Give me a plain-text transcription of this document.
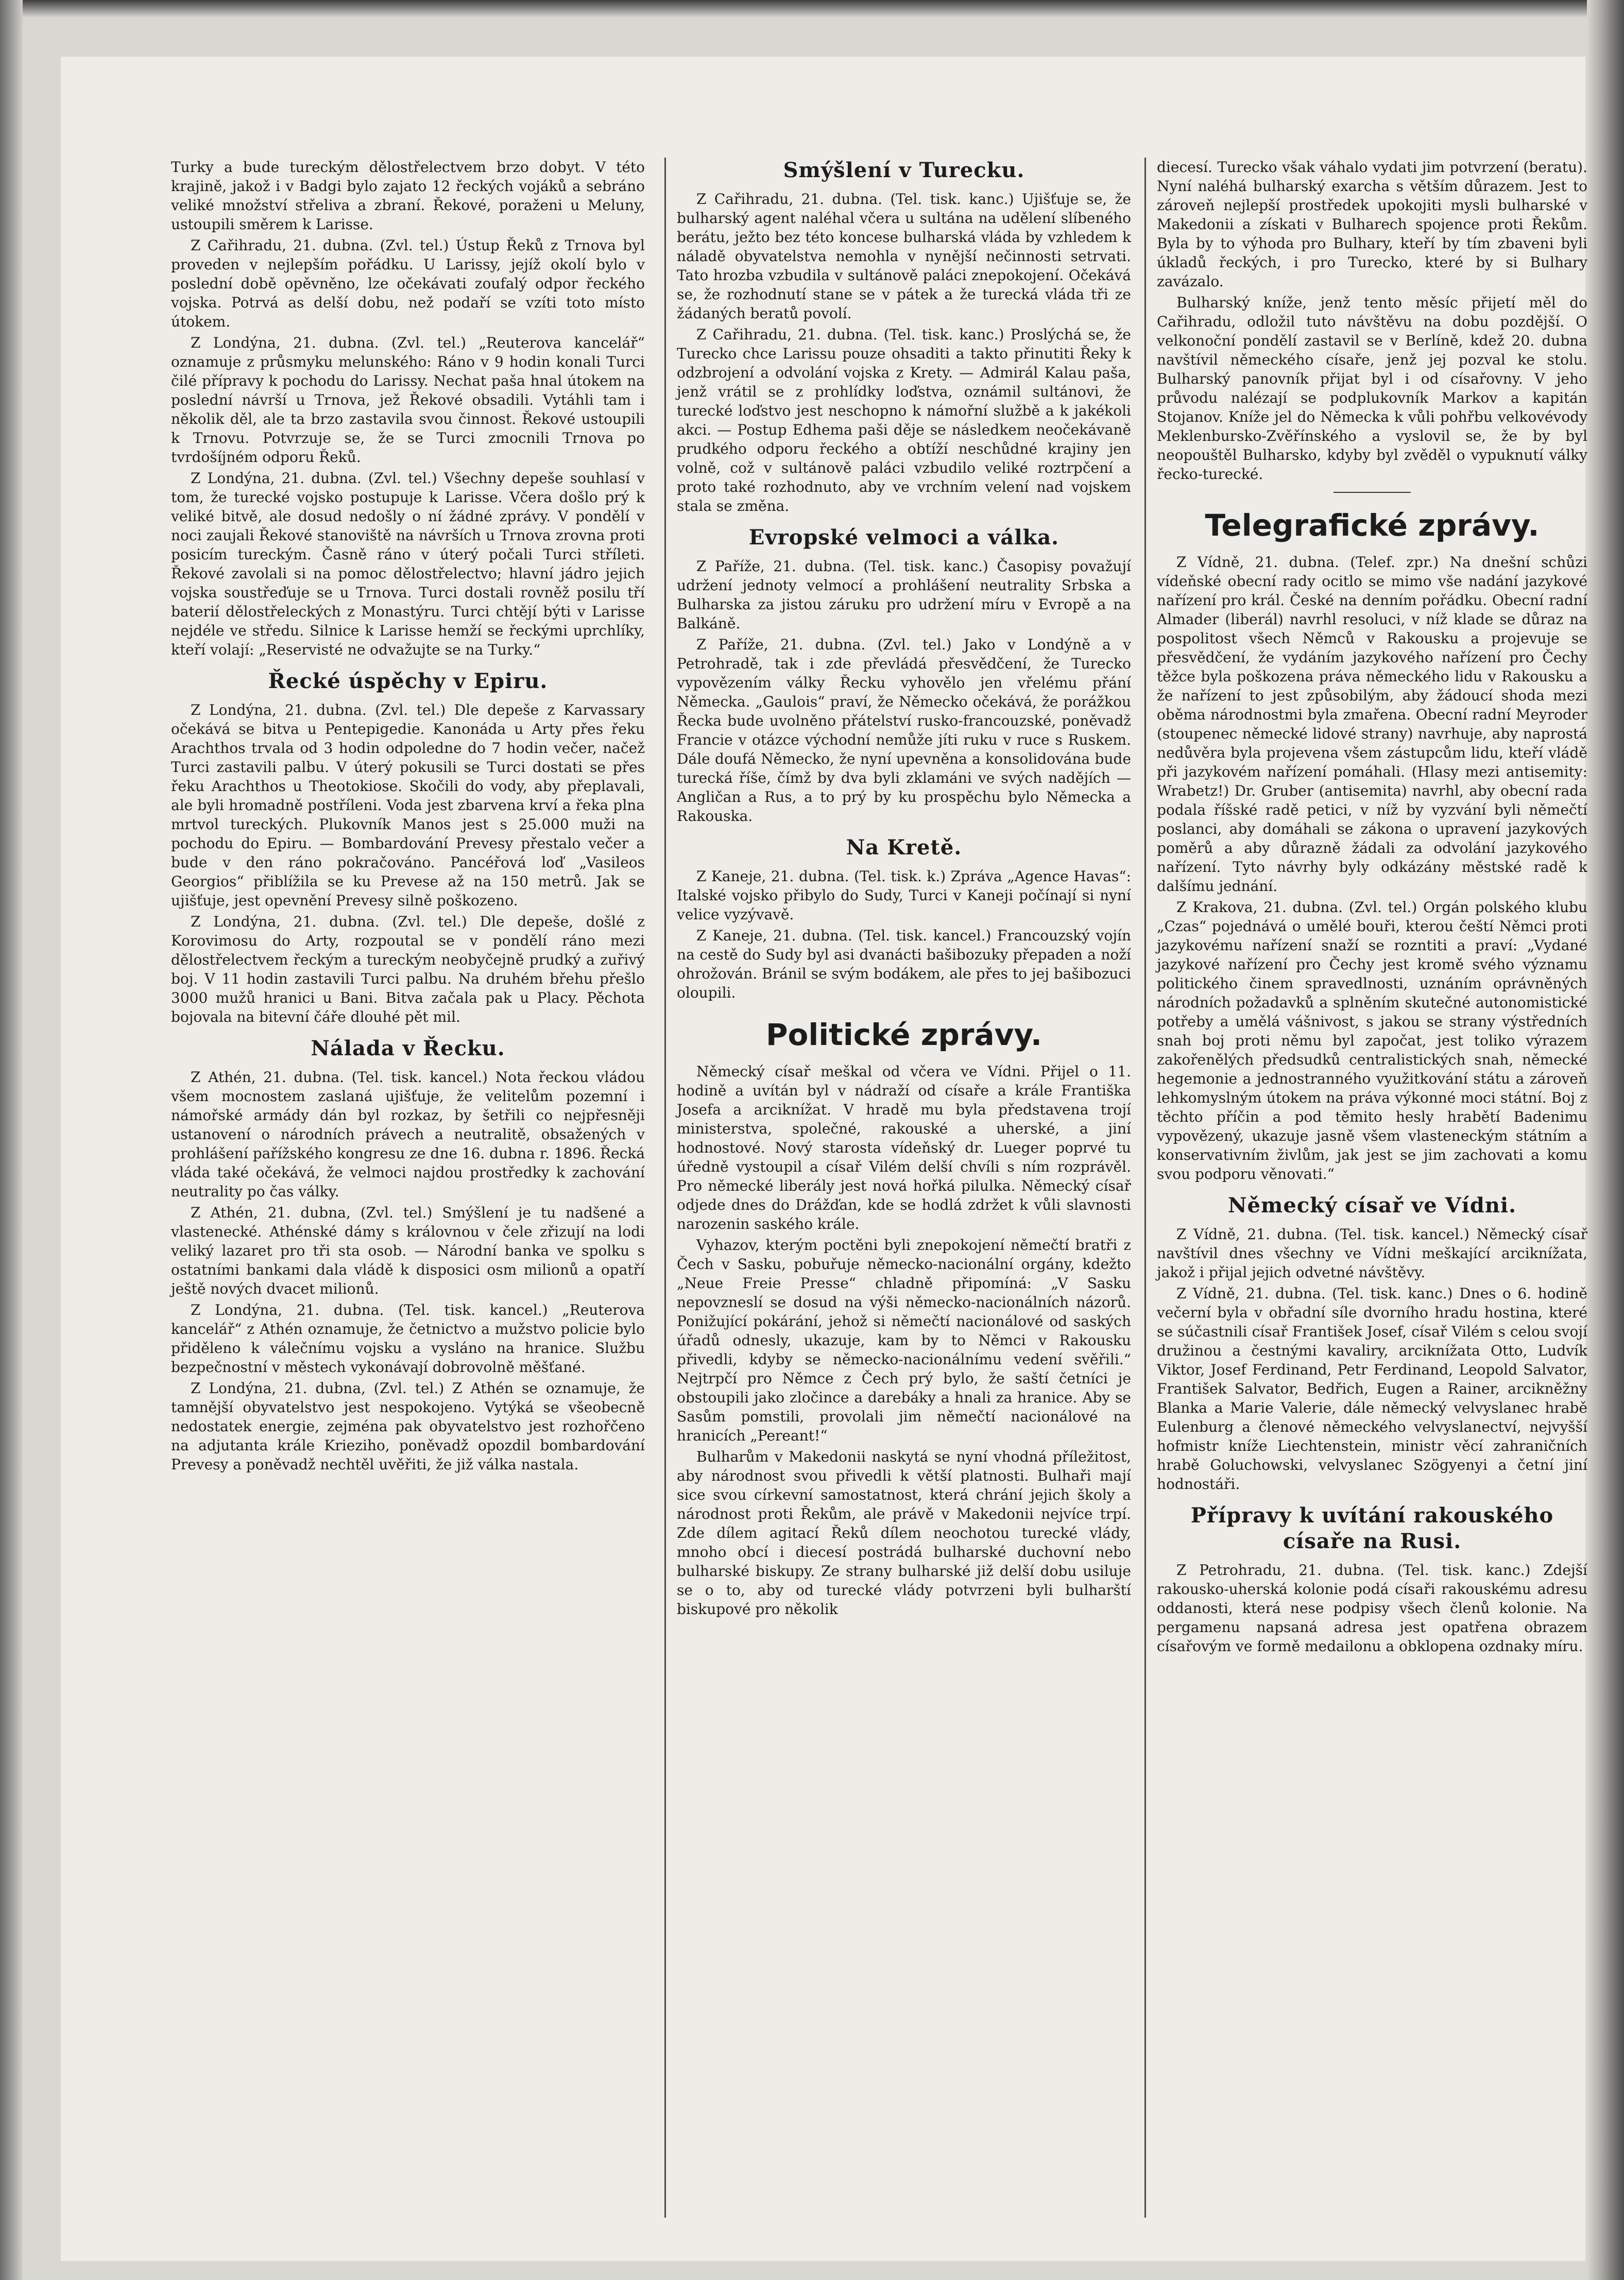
Turky a bude tureckým dělostřelectvem brzo dobyt. V této krajině, jakož i v Badgi bylo zajato 12 řeckých vojáků a sebráno veliké množství střeliva a zbraní. Řekové, poraženi u Meluny, ustoupili směrem k Larisse.

Z Cařihradu, 21. dubna. (Zvl. tel.) Ústup Řeků z Trnova byl proveden v nejlepším pořádku. U Larissy, jejíž okolí bylo v poslední době opěvněno, lze očekávati zoufalý odpor řeckého vojska. Potrvá as delší dobu, než podaří se vzíti toto místo útokem.

Z Londýna, 21. dubna. (Zvl. tel.) „Reuterova kancelář“ oznamuje z průsmyku melunského: Ráno v 9 hodin konali Turci čilé přípravy k pochodu do Larissy. Nechat paša hnal útokem na poslední návrší u Trnova, jež Řekové obsadili. Vytáhli tam i několik děl, ale ta brzo zastavila svou činnost. Řekové ustoupili k Trnovu. Potvrzuje se, že se Turci zmocnili Trnova po tvrdošíjném odporu Řeků.

Z Londýna, 21. dubna. (Zvl. tel.) Všechny depeše souhlasí v tom, že turecké vojsko postupuje k Larisse. Včera došlo prý k veliké bitvě, ale dosud nedošly o ní žádné zprávy. V pondělí v noci zaujali Řekové stanoviště na návrších u Trnova zrovna proti posicím tureckým. Časně ráno v úterý počali Turci stříleti. Řekové zavolali si na pomoc dělostřelectvo; hlavní jádro jejich vojska soustřeďuje se u Trnova. Turci dostali rovněž posilu tří baterií dělostřeleckých z Monastýru. Turci chtějí býti v Larisse nejdéle ve středu. Silnice k Larisse hemží se řeckými uprchlíky, kteří volají: „Reservisté ne odvažujte se na Turky.“

Řecké úspěchy v Epiru.

Z Londýna, 21. dubna. (Zvl. tel.) Dle depeše z Karvassary očekává se bitva u Pentepigedie. Kanonáda u Arty přes řeku Arachthos trvala od 3 hodin odpoledne do 7 hodin večer, načež Turci zastavili palbu. V úterý pokusili se Turci dostati se přes řeku Arachthos u Theotokiose. Skočili do vody, aby přeplavali, ale byli hromadně postříleni. Voda jest zbarvena krví a řeka plna mrtvol tureckých. Plukovník Manos jest s 25.000 muži na pochodu do Epiru. — Bombardování Prevesy přestalo večer a bude v den ráno pokračováno. Pancéřová loď „Vasileos Georgios“ přiblížila se ku Prevese až na 150 metrů. Jak se ujišťuje, jest opevnění Prevesy silně poškozeno.

Z Londýna, 21. dubna. (Zvl. tel.) Dle depeše, došlé z Korovimosu do Arty, rozpoutal se v pondělí ráno mezi dělostřelectvem řeckým a tureckým neobyčejně prudký a zuřivý boj. V 11 hodin zastavili Turci palbu. Na druhém břehu přešlo 3000 mužů hranici u Bani. Bitva začala pak u Placy. Pěchota bojovala na bitevní čáře dlouhé pět mil.

Nálada v Řecku.

Z Athén, 21. dubna. (Tel. tisk. kancel.) Nota řeckou vládou všem mocnostem zaslaná ujišťuje, že velitelům pozemní i námořské armády dán byl rozkaz, by šetřili co nejpřesněji ustanovení o národních právech a neutralitě, obsažených v prohlášení pařížského kongresu ze dne 16. dubna r. 1896. Řecká vláda také očekává, že velmoci najdou prostředky k zachování neutrality po čas války.

Z Athén, 21. dubna, (Zvl. tel.) Smýšlení je tu nadšené a vlastenecké. Athénské dámy s královnou v čele zřizují na lodi veliký lazaret pro tři sta osob. — Národní banka ve spolku s ostatními bankami dala vládě k disposici osm milionů a opatří ještě nových dvacet milionů.

Z Londýna, 21. dubna. (Tel. tisk. kancel.) „Reuterova kancelář“ z Athén oznamuje, že četnictvo a mužstvo policie bylo přiděleno k válečnímu vojsku a vysláno na hranice. Službu bezpečnostní v městech vykonávají dobrovolně měšťané.

Z Londýna, 21. dubna, (Zvl. tel.) Z Athén se oznamuje, že tamnější obyvatelstvo jest nespokojeno. Vytýká se všeobecně nedostatek energie, zejména pak obyvatelstvo jest rozhořčeno na adjutanta krále Krieziho, poněvadž opozdil bombardování Prevesy a poněvadž nechtěl uvěřiti, že již válka nastala.

Smýšlení v Turecku.

Z Cařihradu, 21. dubna. (Tel. tisk. kanc.) Ujišťuje se, že bulharský agent naléhal včera u sultána na udělení slíbeného berátu, ježto bez této koncese bulharská vláda by vzhledem k náladě obyvatelstva nemohla v nynější nečinnosti setrvati. Tato hrozba vzbudila v sultánově paláci znepokojení. Očekává se, že rozhodnutí stane se v pátek a že turecká vláda tři ze žádaných beratů povolí.

Z Cařihradu, 21. dubna. (Tel. tisk. kanc.) Proslýchá se, že Turecko chce Larissu pouze ohsaditi a takto přinutiti Řeky k odzbrojení a odvolání vojska z Krety. — Admirál Kalau paša, jenž vrátil se z prohlídky loďstva, oznámil sultánovi, že turecké loďstvo jest neschopno k námořní službě a k jakékoli akci. — Postup Edhema paši děje se následkem neočekávaně prudkého odporu řeckého a obtíží neschůdné krajiny jen volně, což v sultánově paláci vzbudilo veliké roztrpčení a proto také rozhodnuto, aby ve vrchním velení nad vojskem stala se změna.

Evropské velmoci a válka.

Z Paříže, 21. dubna. (Tel. tisk. kanc.) Časopisy považují udržení jednoty velmocí a prohlášení neutrality Srbska a Bulharska za jistou záruku pro udržení míru v Evropě a na Balkáně.

Z Paříže, 21. dubna. (Zvl. tel.) Jako v Londýně a v Petrohradě, tak i zde převládá přesvědčení, že Turecko vypovězením války Řecku vyhovělo jen vřelému přání Německa. „Gaulois“ praví, že Německo očekává, že porážkou Řecka bude uvolněno přátelství rusko-francouzské, poněvadž Francie v otázce východní nemůže jíti ruku v ruce s Ruskem. Dále doufá Německo, že nyní upevněna a konsolidována bude turecká říše, čímž by dva byli zklamáni ve svých nadějích — Angličan a Rus, a to prý by ku prospěchu bylo Německa a Rakouska.

Na Kretě.

Z Kaneje, 21. dubna. (Tel. tisk. k.) Zpráva „Agence Havas“: Italské vojsko přibylo do Sudy, Turci v Kaneji počínají si nyní velice vyzývavě.

Z Kaneje, 21. dubna. (Tel. tisk. kancel.) Francouzský vojín na cestě do Sudy byl asi dvanácti bašibozuky přepaden a noží ohrožován. Bránil se svým bodákem, ale přes to jej bašibozuci oloupili.

Politické zprávy.

Německý císař meškal od včera ve Vídni. Přijel o 11. hodině a uvítán byl v nádraží od císaře a krále Františka Josefa a arciknížat. V hradě mu byla představena trojí ministerstva, společné, rakouské a uherské, a jiní hodnostové. Nový starosta vídeňský dr. Lueger poprvé tu úředně vystoupil a císař Vilém delší chvíli s ním rozprávěl. Pro německé liberály jest nová hořká pilulka. Německý císař odjede dnes do Drážďan, kde se hodlá zdržet k vůli slavnosti narozenin saského krále.

Vyhazov, kterým poctěni byli znepokojení němečtí bratři z Čech v Sasku, pobuřuje německo-nacionální orgány, kdežto „Neue Freie Presse“ chladně připomíná: „V Sasku nepovzneslí se dosud na výši německo-nacionálních názorů. Ponižující pokárání, jehož si němečtí nacionálové od saských úřadů odnesly, ukazuje, kam by to Němci v Rakousku přivedli, kdyby se německo-nacionálnímu vedení svěřili.“ Nejtrpčí pro Němce z Čech prý bylo, že saští četníci je obstoupili jako zločince a darebáky a hnali za hranice. Aby se Sasům pomstili, provolali jim němečtí nacionálové na hranicích „Pereant!“

Bulharům v Makedonii naskytá se nyní vhodná příležitost, aby národnost svou přivedli k větší platnosti. Bulhaři mají sice svou církevní samostatnost, která chrání jejich školy a národnost proti Řekům, ale právě v Makedonii nejvíce trpí. Zde dílem agitací Řeků dílem neochotou turecké vlády, mnoho obcí i diecesí postrádá bulharské duchovní nebo bulharské biskupy. Ze strany bulharské již delší dobu usiluje se o to, aby od turecké vlády potvrzeni byli bulharští biskupové pro několik

diecesí. Turecko však váhalo vydati jim potvrzení (beratu). Nyní naléhá bulharský exarcha s větším důrazem. Jest to zároveň nejlepší prostředek upokojiti mysli bulharské v Makedonii a získati v Bulharech spojence proti Řekům. Byla by to výhoda pro Bulhary, kteří by tím zbaveni byli úkladů řeckých, i pro Turecko, které by si Bulhary zavázalo.

Bulharský kníže, jenž tento měsíc přijetí měl do Cařihradu, odložil tuto návštěvu na dobu pozdější. O velkonoční pondělí zastavil se v Berlíně, kdež 20. dubna navštívil německého císaře, jenž jej pozval ke stolu. Bulharský panovník přijat byl i od císařovny. V jeho průvodu nalézají se podplukovník Markov a kapitán Stojanov. Kníže jel do Německa k vůli pohřbu velkovévody Meklenbursko-Zvěřínského a vyslovil se, že by byl neopouštěl Bulharsko, kdyby byl zvěděl o vypuknutí války řecko-turecké.

Telegrafické zprávy.

Z Vídně, 21. dubna. (Telef. zpr.) Na dnešní schůzi vídeňské obecní rady ocitlo se mimo vše nadání jazykové nařízení pro král. České na denním pořádku. Obecní radní Almader (liberál) navrhl resoluci, v níž klade se důraz na pospolitost všech Němců v Rakousku a projevuje se přesvědčení, že vydáním jazykového nařízení pro Čechy těžce byla poškozena práva německého lidu v Rakousku a že nařízení to jest způsobilým, aby žádoucí shoda mezi oběma národnostmi byla zmařena. Obecní radní Meyroder (stoupenec německé lidové strany) navrhuje, aby naprostá nedůvěra byla projevena všem zástupcům lidu, kteří vládě při jazykovém nařízení pomáhali. (Hlasy mezi antisemity: Wrabetz!) Dr. Gruber (antisemita) navrhl, aby obecní rada podala říšské radě petici, v níž by vyzvání byli němečtí poslanci, aby domáhali se zákona o upravení jazykových poměrů a aby důrazně žádali za odvolání jazykového nařízení. Tyto návrhy byly odkázány městské radě k dalšímu jednání.

Z Krakova, 21. dubna. (Zvl. tel.) Orgán polského klubu „Czas“ pojednává o umělé bouři, kterou čeští Němci proti jazykovému nařízení snaží se rozntiti a praví: „Vydané jazykové nařízení pro Čechy jest kromě svého významu politického činem spravedlnosti, uznáním oprávněných národních požadavků a splněním skutečné autonomistické potřeby a umělá vášnivost, s jakou se strany výstředních snah boj proti němu byl započat, jest toliko výrazem zakořenělých předsudků centralistických snah, německé hegemonie a jednostranného využitkování státu a zároveň lehkomyslným útokem na práva výkonné moci státní. Boj z těchto příčin a pod těmito hesly hrabětí Badenimu vypovězený, ukazuje jasně všem vlasteneckým státním a konservativním živlům, jak jest se jim zachovati a komu svou podporu věnovati.“

Německý císař ve Vídni.

Z Vídně, 21. dubna. (Tel. tisk. kancel.) Německý císař navštívil dnes všechny ve Vídni meškající arciknížata, jakož i přijal jejich odvetné návštěvy.

Z Vídně, 21. dubna. (Tel. tisk. kanc.) Dnes o 6. hodině večerní byla v obřadní síle dvorního hradu hostina, které se súčastnili císař František Josef, císař Vilém s celou svojí družinou a čestnými kavaliry, arciknížata Otto, Ludvík Viktor, Josef Ferdinand, Petr Ferdinand, Leopold Salvator, František Salvator, Bedřich, Eugen a Rainer, arcikněžny Blanka a Marie Valerie, dále německý velvyslanec hrabě Eulenburg a členové německého velvyslanectví, nejvyšší hofmistr kníže Liechtenstein, ministr věcí zahraničních hrabě Goluchowski, velvyslanec Szögyenyi a četní jiní hodnostáři.

Přípravy k uvítání rakouského císaře na Rusi.

Z Petrohradu, 21. dubna. (Tel. tisk. kanc.) Zdejší rakousko-uherská kolonie podá císaři rakouskému adresu oddanosti, která nese podpisy všech členů kolonie. Na pergamenu napsaná adresa jest opatřena obrazem císařovým ve formě medailonu a obklopena ozdnaky míru.
